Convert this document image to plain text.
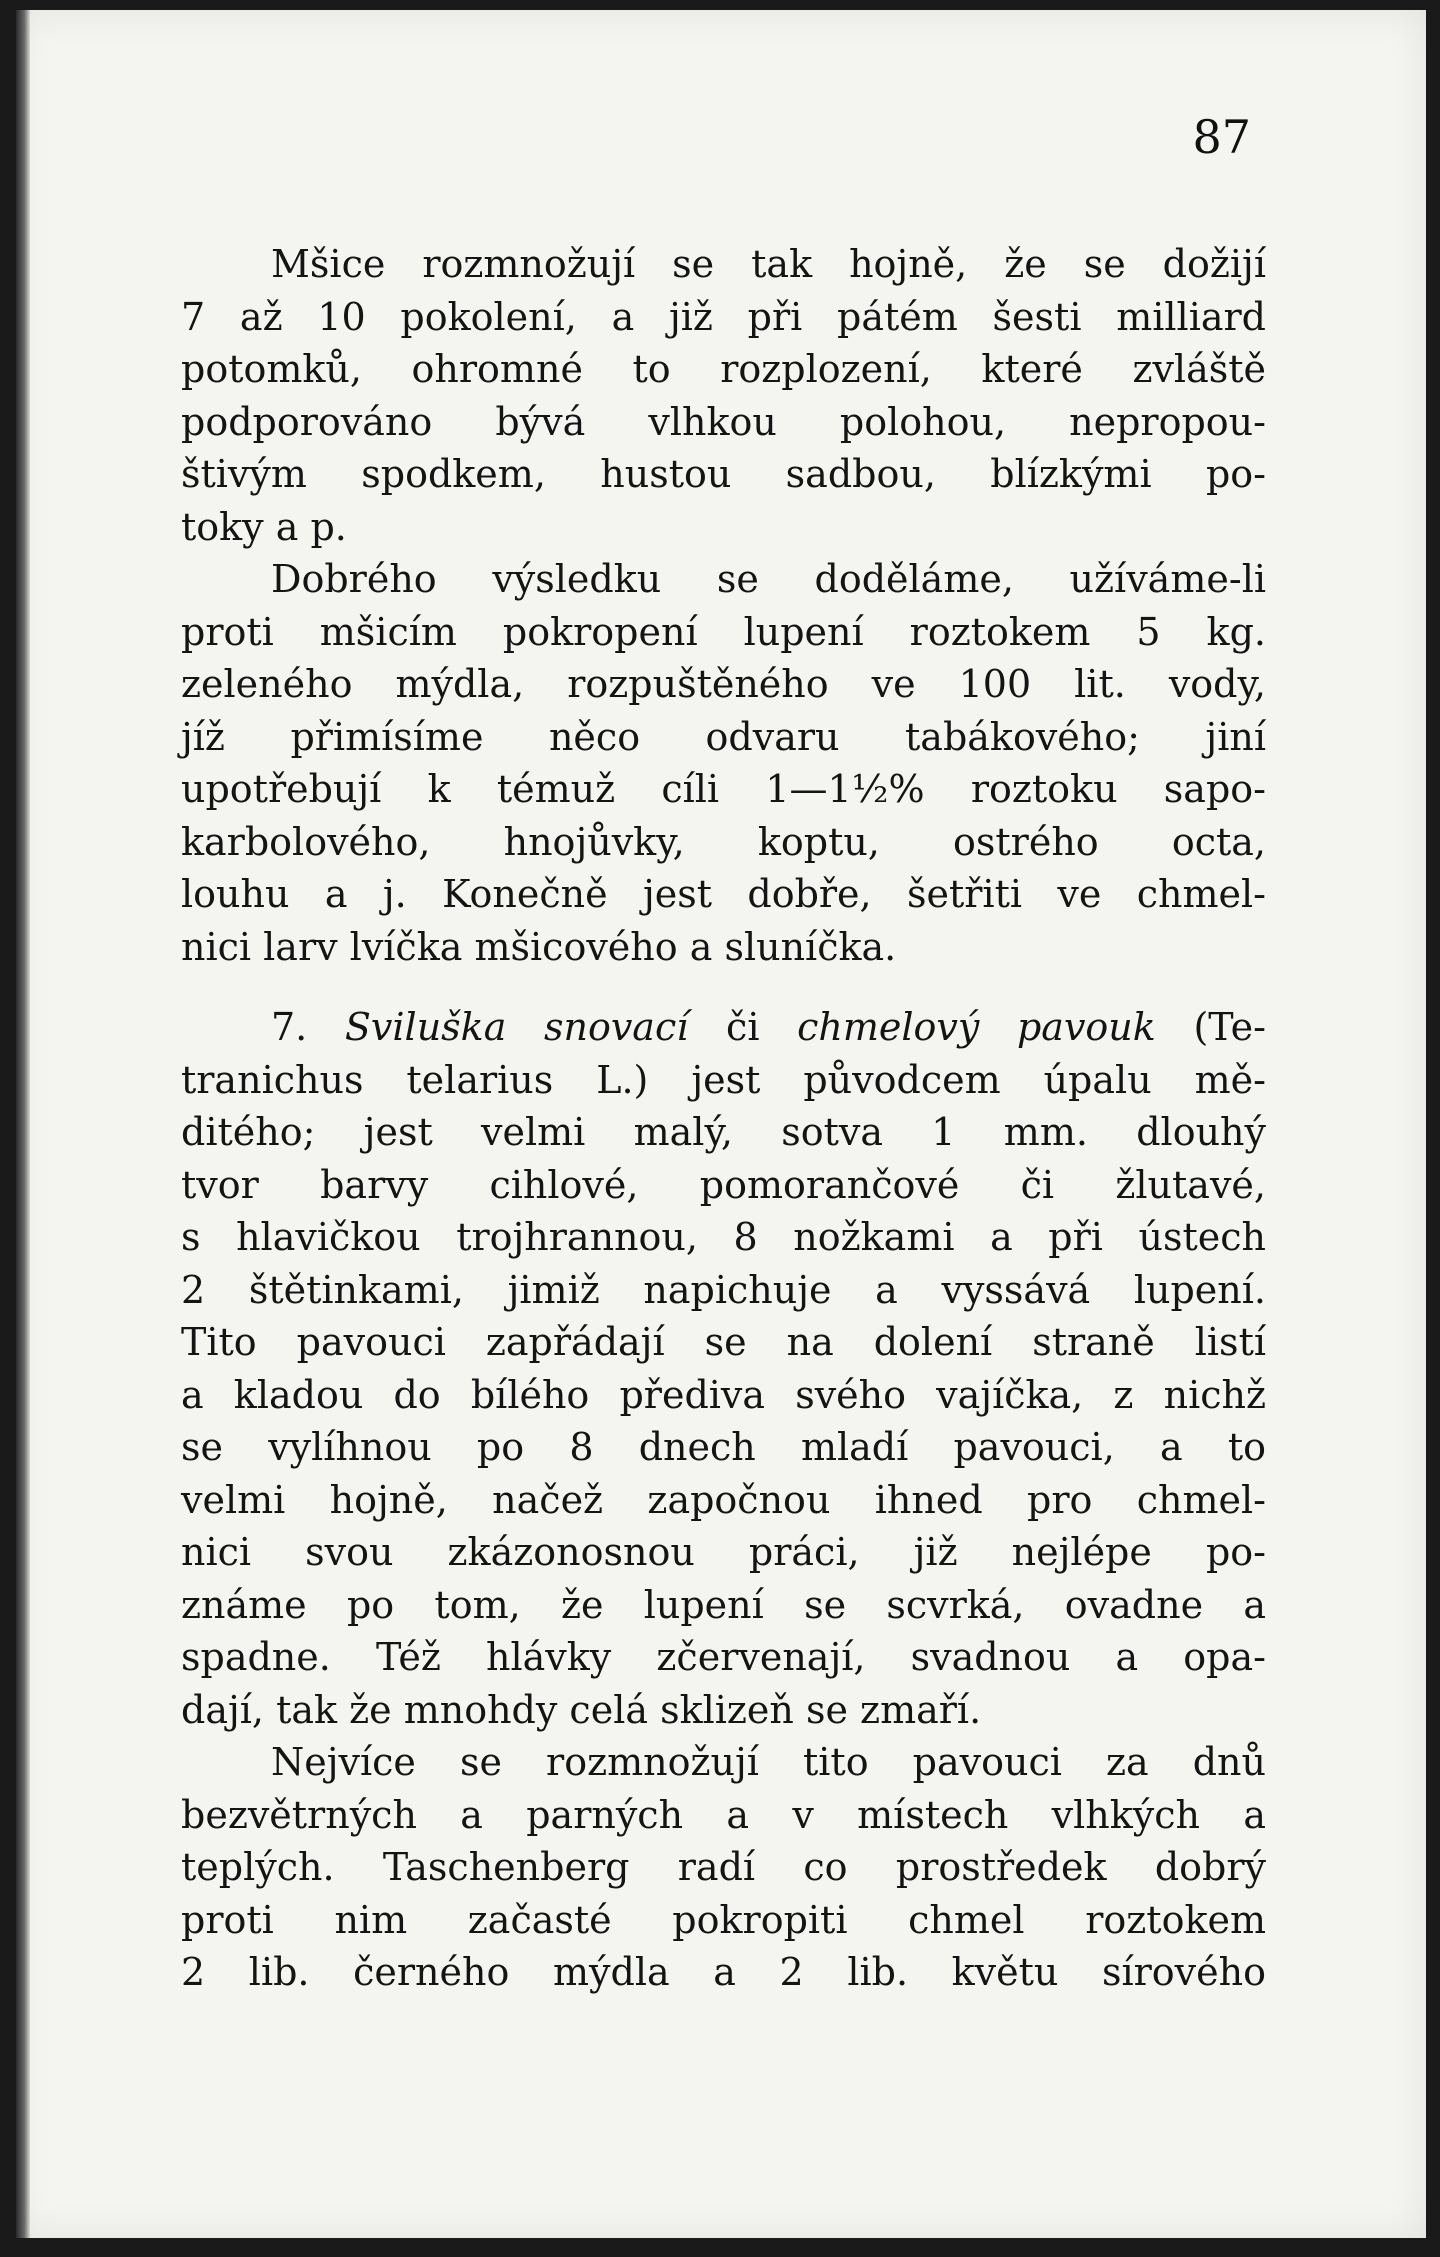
87
Mšice rozmnožují se tak hojně, že se dožijí
7 až 10 pokolení, a již při pátém šesti milliard
potomků, ohromné to rozplození, které zvláště
podporováno bývá vlhkou polohou, nepropou-
štivým spodkem, hustou sadbou, blízkými po-
toky a p.
Dobrého výsledku se doděláme, užíváme-li
proti mšicím pokropení lupení roztokem 5 kg.
zeleného mýdla, rozpuštěného ve 100 lit. vody,
jíž přimísíme něco odvaru tabákového; jiní
upotřebují k témuž cíli 1—1½% roztoku sapo-
karbolového, hnojůvky, koptu, ostrého octa,
louhu a j. Konečně jest dobře, šetřiti ve chmel-
nici larv lvíčka mšicového a sluníčka.
7. Sviluška snovací či chmelový pavouk (Te-
tranichus telarius L.) jest původcem úpalu mě-
ditého; jest velmi malý, sotva 1 mm. dlouhý
tvor barvy cihlové, pomorančové či žlutavé,
s hlavičkou trojhrannou, 8 nožkami a při ústech
2 štětinkami, jimiž napichuje a vyssává lupení.
Tito pavouci zapřádají se na dolení straně listí
a kladou do bílého přediva svého vajíčka, z nichž
se vylíhnou po 8 dnech mladí pavouci, a to
velmi hojně, načež započnou ihned pro chmel-
nici svou zkázonosnou práci, již nejlépe po-
známe po tom, že lupení se scvrká, ovadne a
spadne. Též hlávky zčervenají, svadnou a opa-
dají, tak že mnohdy celá sklizeň se zmaří.
Nejvíce se rozmnožují tito pavouci za dnů
bezvětrných a parných a v místech vlhkých a
teplých. Taschenberg radí co prostředek dobrý
proti nim začasté pokropiti chmel roztokem
2 lib. černého mýdla a 2 lib. květu sírového
